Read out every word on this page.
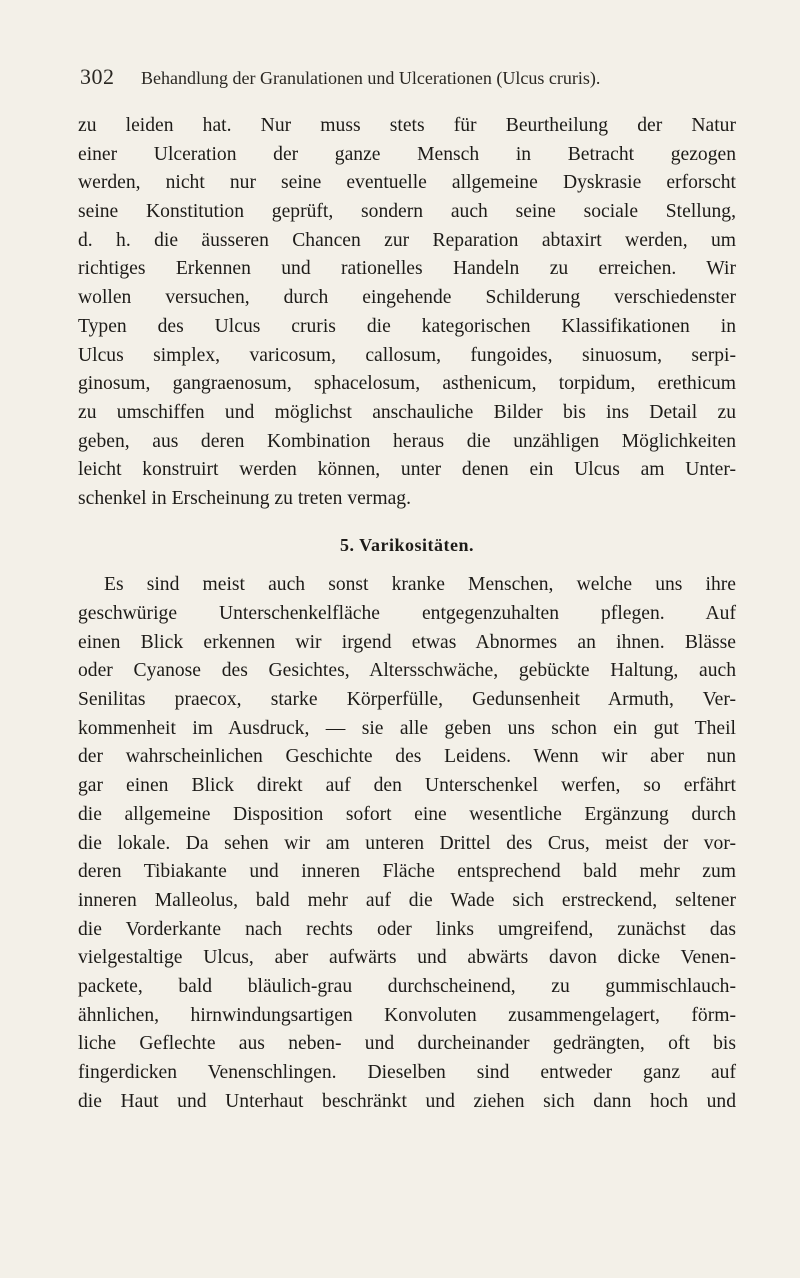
302 Behandlung der Granulationen und Ulcerationen (Ulcus cruris).
zu leiden hat. Nur muss stets für Beurtheilung der Natur
einer Ulceration der ganze Mensch in Betracht gezogen
werden, nicht nur seine eventuelle allgemeine Dyskrasie erforscht
seine Konstitution geprüft, sondern auch seine sociale Stellung,
d. h. die äusseren Chancen zur Reparation abtaxirt werden, um
richtiges Erkennen und rationelles Handeln zu erreichen. Wir
wollen versuchen, durch eingehende Schilderung verschiedenster
Typen des Ulcus cruris die kategorischen Klassifikationen in
Ulcus simplex, varicosum, callosum, fungoides, sinuosum, serpi-
ginosum, gangraenosum, sphacelosum, asthenicum, torpidum, erethicum
zu umschiffen und möglichst anschauliche Bilder bis ins Detail zu
geben, aus deren Kombination heraus die unzähligen Möglichkeiten
leicht konstruirt werden können, unter denen ein Ulcus am Unter-
schenkel in Erscheinung zu treten vermag.
5. Varikositäten.
Es sind meist auch sonst kranke Menschen, welche uns ihre
geschwürige Unterschenkelfläche entgegenzuhalten pflegen. Auf
einen Blick erkennen wir irgend etwas Abnormes an ihnen. Blässe
oder Cyanose des Gesichtes, Altersschwäche, gebückte Haltung, auch
Senilitas praecox, starke Körperfülle, Gedunsenheit Armuth, Ver-
kommenheit im Ausdruck, — sie alle geben uns schon ein gut Theil
der wahrscheinlichen Geschichte des Leidens. Wenn wir aber nun
gar einen Blick direkt auf den Unterschenkel werfen, so erfährt
die allgemeine Disposition sofort eine wesentliche Ergänzung durch
die lokale. Da sehen wir am unteren Drittel des Crus, meist der vor-
deren Tibiakante und inneren Fläche entsprechend bald mehr zum
inneren Malleolus, bald mehr auf die Wade sich erstreckend, seltener
die Vorderkante nach rechts oder links umgreifend, zunächst das
vielgestaltige Ulcus, aber aufwärts und abwärts davon dicke Venen-
packete, bald bläulich-grau durchscheinend, zu gummischlauch-
ähnlichen, hirnwindungsartigen Konvoluten zusammengelagert, förm-
liche Geflechte aus neben- und durcheinander gedrängten, oft bis
fingerdicken Venenschlingen. Dieselben sind entweder ganz auf
die Haut und Unterhaut beschränkt und ziehen sich dann hoch und
